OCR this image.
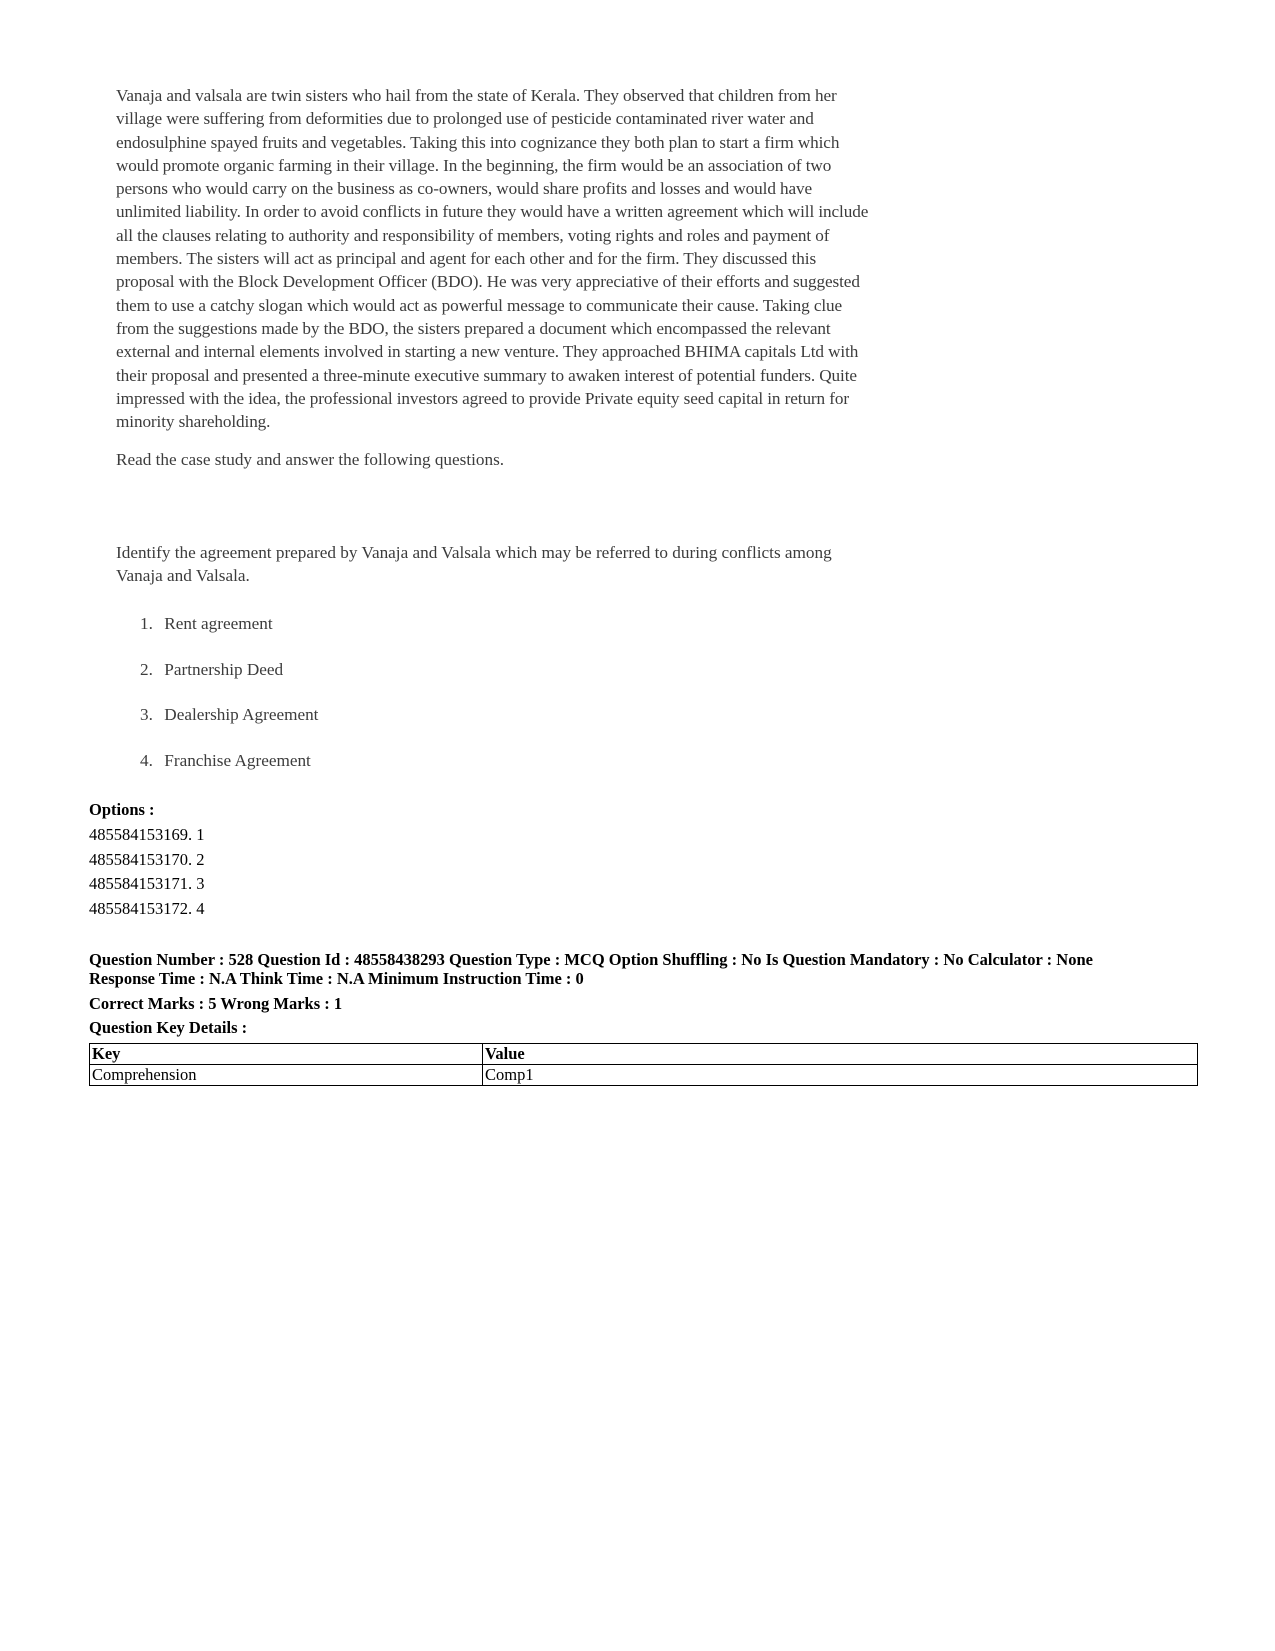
Vanaja and valsala are twin sisters who hail from the state of Kerala. They observed that children from her
village were suffering from deformities due to prolonged use of pesticide contaminated river water and
endosulphine spayed fruits and vegetables. Taking this into cognizance they both plan to start a firm which
would promote organic farming in their village. In the beginning, the firm would be an association of two
persons who would carry on the business as co-owners, would share profits and losses and would have
unlimited liability. In order to avoid conflicts in future they would have a written agreement which will include
all the clauses relating to authority and responsibility of members, voting rights and roles and payment of
members. The sisters will act as principal and agent for each other and for the firm. They discussed this
proposal with the Block Development Officer (BDO). He was very appreciative of their efforts and suggested
them to use a catchy slogan which would act as powerful message to communicate their cause. Taking clue
from the suggestions made by the BDO, the sisters prepared a document which encompassed the relevant
external and internal elements involved in starting a new venture. They approached BHIMA capitals Ltd with
their proposal and presented a three-minute executive summary to awaken interest of potential funders. Quite
impressed with the idea, the professional investors agreed to provide Private equity seed capital in return for
minority shareholding.
Read the case study and answer the following questions.
Identify the agreement prepared by Vanaja and Valsala which may be referred to during conflicts among
Vanaja and Valsala.
1. Rent agreement
2. Partnership Deed
3. Dealership Agreement
4. Franchise Agreement
Options :
485584153169. 1
485584153170. 2
485584153171. 3
485584153172. 4
Question Number : 528 Question Id : 48558438293 Question Type : MCQ Option Shuffling : No Is Question Mandatory : No Calculator : None
Response Time : N.A Think Time : N.A Minimum Instruction Time : 0
Correct Marks : 5 Wrong Marks : 1
Question Key Details :
Key	Value
Comprehension	Comp1
